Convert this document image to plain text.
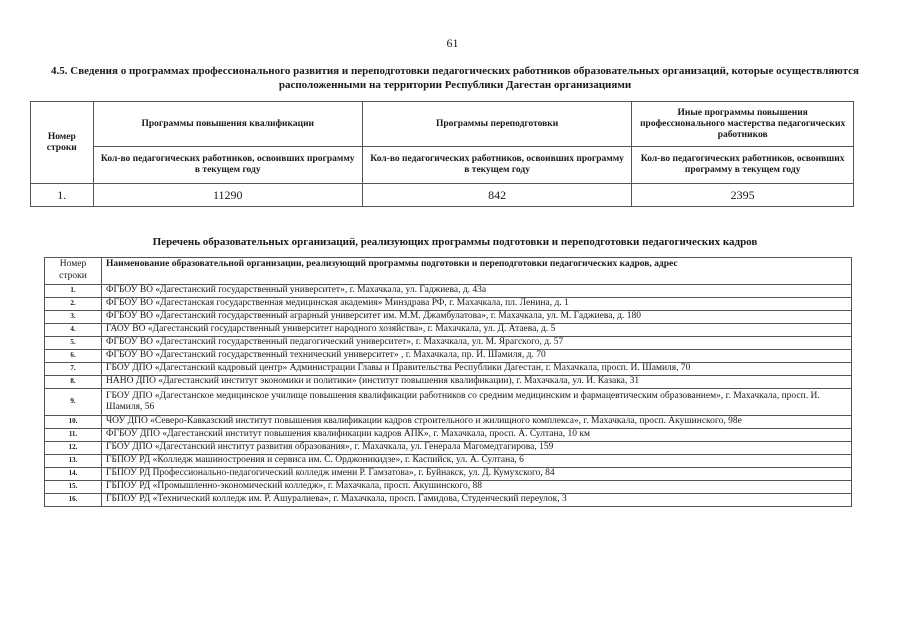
61
4.5. Сведения о программах профессионального развития и переподготовки педагогических работников образовательных организаций, которые осуществляются расположенными на территории Республики Дагестан организациями
Номер строки	Программы повышения квалификации	Программы переподготовки	Иные программы повышения профессионального мастерства педагогических работников
	Кол-во педагогических работников, освоивших программу в текущем году	Кол-во педагогических работников, освоивших программу в текущем году	Кол-во педагогических работников, освоивших программу в текущем году
1.	11290	842	2395
Перечень образовательных организаций, реализующих программы подготовки и переподготовки педагогических кадров
Номер строки	Наименование образовательной организации, реализующий программы подготовки и переподготовки педагогических кадров, адрес
1.	ФГБОУ ВО «Дагестанский государственный университет», г. Махачкала, ул. Гаджиева, д. 43а
2.	ФГБОУ ВО «Дагестанская государственная медицинская академия» Минздрава РФ, г. Махачкала, пл. Ленина, д. 1
3.	ФГБОУ ВО «Дагестанский государственный аграрный университет им. М.М. Джамбулатова», г. Махачкала, ул. М. Гаджиева, д. 180
4.	ГАОУ ВО «Дагестанский государственный университет народного хозяйства», г. Махачкала, ул. Д. Атаева, д. 5
5.	ФГБОУ ВО «Дагестанский государственный педагогический университет», г. Махачкала, ул. М. Ярагского, д. 57
6.	ФГБОУ ВО «Дагестанский государственный технический университет» , г. Махачкала, пр. И. Шамиля, д. 70
7.	ГБОУ ДПО «Дагестанский кадровый центр» Администрации Главы и Правительства Республики Дагестан, г. Махачкала, просп. И. Шамиля, 70
8.	НАНО ДПО «Дагестанский институт экономики и политики» (институт повышения квалификации), г. Махачкала, ул. И. Казака, 31
9.	ГБОУ ДПО «Дагестанское медицинское училище повышения квалификации работников со средним медицинским и фармацевтическим образованием», г. Махачкала, просп. И. Шамиля, 56
10.	ЧОУ ДПО «Северо-Кавказский институт повышения квалификации кадров строительного и жилищного комплекса», г. Махачкала, просп. Акушинского, 98е
11.	ФГБОУ ДПО «Дагестанский институт повышения квалификации кадров АПК», г. Махачкала, просп. А. Султана, 10 км
12.	ГБОУ ДПО «Дагестанский институт развития образования», г. Махачкала, ул. Генерала Магомедтагирова, 159
13.	ГБПОУ РД «Колледж машиностроения и сервиса им. С. Орджоникидзе», г. Каспийск, ул. А. Султана, 6
14.	ГБПОУ РД Профессионально-педагогический колледж имени Р. Гамзатова», г. Буйнакск, ул. Д. Кумухского, 84
15.	ГБПОУ РД «Промышленно-экономический колледж», г. Махачкала, просп. Акушинского, 88
16.	ГБПОУ РД «Технический колледж им. Р. Ашуралиева», г. Махачкала, просп. Гамидова, Студенческий переулок, 3
